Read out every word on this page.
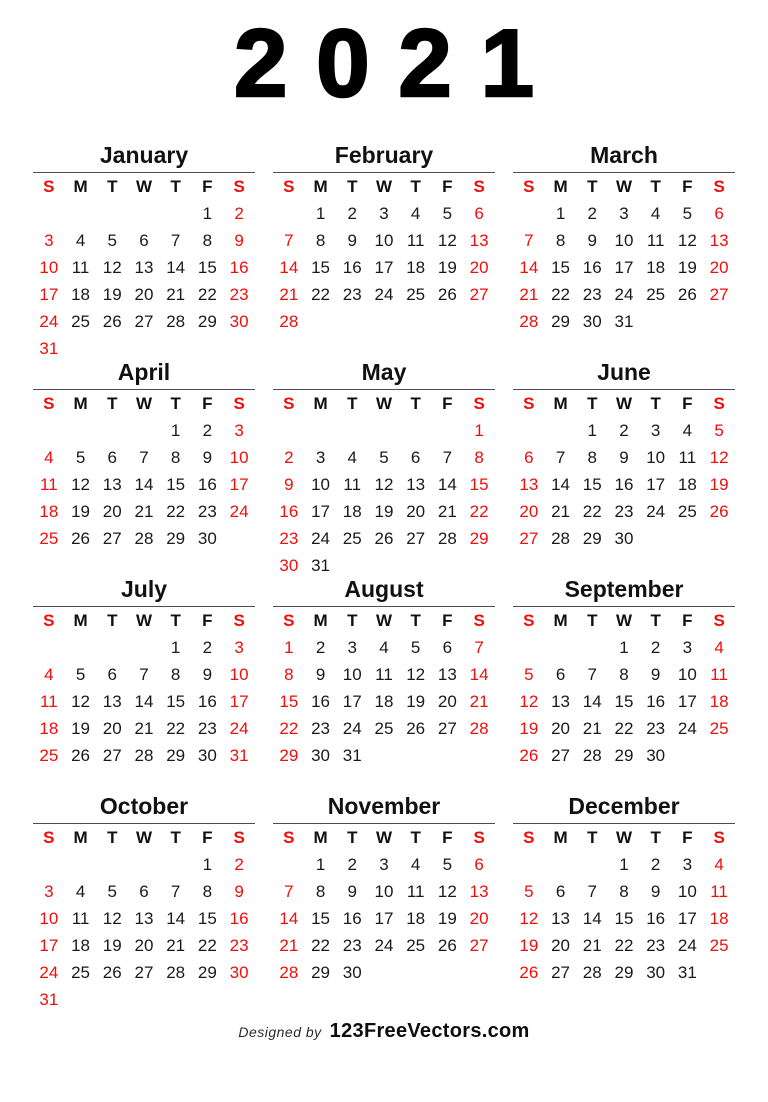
2021
January
S	M	T	W	T	F	S
					1	2
3	4	5	6	7	8	9
10	11	12	13	14	15	16
17	18	19	20	21	22	23
24	25	26	27	28	29	30
31						
February
S	M	T	W	T	F	S
	1	2	3	4	5	6
7	8	9	10	11	12	13
14	15	16	17	18	19	20
21	22	23	24	25	26	27
28						
March
S	M	T	W	T	F	S
	1	2	3	4	5	6
7	8	9	10	11	12	13
14	15	16	17	18	19	20
21	22	23	24	25	26	27
28	29	30	31			
April
S	M	T	W	T	F	S
				1	2	3
4	5	6	7	8	9	10
11	12	13	14	15	16	17
18	19	20	21	22	23	24
25	26	27	28	29	30	
May
S	M	T	W	T	F	S
						1
2	3	4	5	6	7	8
9	10	11	12	13	14	15
16	17	18	19	20	21	22
23	24	25	26	27	28	29
30	31					
June
S	M	T	W	T	F	S
		1	2	3	4	5
6	7	8	9	10	11	12
13	14	15	16	17	18	19
20	21	22	23	24	25	26
27	28	29	30			
July
S	M	T	W	T	F	S
				1	2	3
4	5	6	7	8	9	10
11	12	13	14	15	16	17
18	19	20	21	22	23	24
25	26	27	28	29	30	31
August
S	M	T	W	T	F	S
1	2	3	4	5	6	7
8	9	10	11	12	13	14
15	16	17	18	19	20	21
22	23	24	25	26	27	28
29	30	31				
September
S	M	T	W	T	F	S
			1	2	3	4
5	6	7	8	9	10	11
12	13	14	15	16	17	18
19	20	21	22	23	24	25
26	27	28	29	30		
October
S	M	T	W	T	F	S
					1	2
3	4	5	6	7	8	9
10	11	12	13	14	15	16
17	18	19	20	21	22	23
24	25	26	27	28	29	30
31						
November
S	M	T	W	T	F	S
	1	2	3	4	5	6
7	8	9	10	11	12	13
14	15	16	17	18	19	20
21	22	23	24	25	26	27
28	29	30				
December
S	M	T	W	T	F	S
			1	2	3	4
5	6	7	8	9	10	11
12	13	14	15	16	17	18
19	20	21	22	23	24	25
26	27	28	29	30	31	
Designed by 123FreeVectors.com
